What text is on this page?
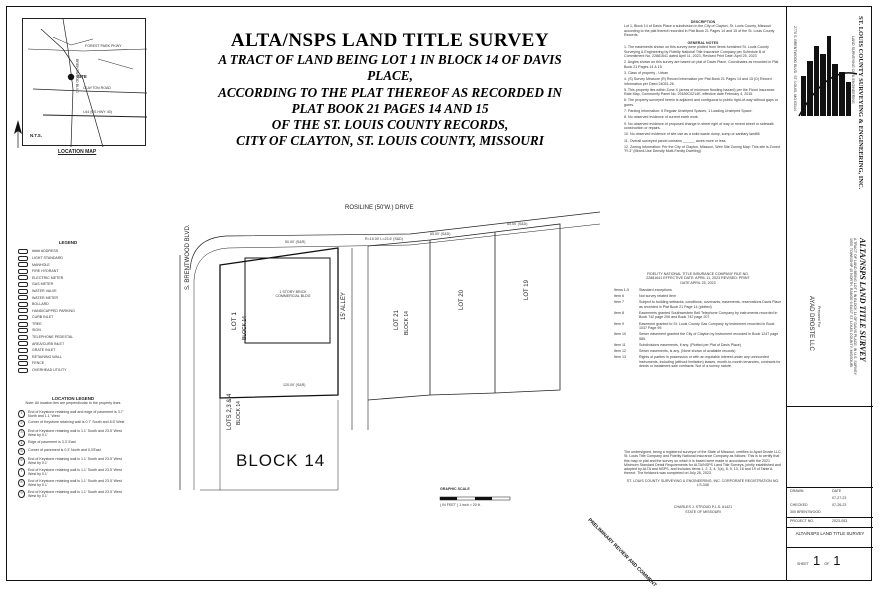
SITE
FOREST PARK PKWY
CLAYTON ROAD
I-64 (US HWY 40)
BRENTWOOD BLVD
N.T.S.
LOCATION MAP
ALTA/NSPS LAND TITLE SURVEY
A TRACT OF LAND BEING LOT 1 IN BLOCK 14 OF DAVIS PLACE,
ACCORDING TO THE PLAT THEREOF AS RECORDED IN
PLAT BOOK 21 PAGES 14 AND 15
OF THE ST. LOUIS COUNTY RECORDS,
CITY OF CLAYTON, ST. LOUIS COUNTY, MISSOURI
LEGEND
#### ADDRESS
LIGHT STANDARD
MANHOLE
FIRE HYDRANT
ELECTRIC METER
GAS METER
WATER VALVE
WATER METER
BOLLARD
HANDICAPPED PARKING
CURB INLET
TREE
SIGN
TELEPHONE PEDESTAL
AREA/CURB INLET
GRATE INLET
RETAINING WALL
FENCE
OVERHEAD UTILITY
LOCATION LEGEND
Note: All location ties are perpendicular to the property lines
1	End of Keystone retaining wall and edge of pavement is 3.7' North and 1.1' West
2	Corner of Keystone retaining wall is 0.7' South and 8.5' West
3	End of Keystone retaining wall is 1.1' South and 23.5' West West by 0.1'
4	Edge of pavement is 3.3' East
5	Corner of pavement is 0.3' North and 0.3'East
6	End of Keystone retaining wall is 1.1' South and 23.5' West West by 0.1'
7	End of Keystone retaining wall is 1.1' South and 23.5' West West by 0.1'
8	End of Keystone retaining wall is 1.1' South and 23.5' West West by 0.1'
9	End of Keystone retaining wall is 1.1' South and 23.5' West West by 0.1'
ROSILINE (50'W.) DRIVE
S. BRENTWOOD BLVD.
15' ALLEY
LOT 1 BLOCK 14	LOT 21 BLOCK 14
LOT 20
LOT 19
LOTS 2,3 & 4 BLOCK 14
1 STORY BRICK COMMERCIAL BLDG
BLOCK 14
120.00' (S&R)
50.00' (S&R)
65.00' (S&D)
60.00' (S&D)
R=15.00' L=23.6' (S&D)
GRAPHIC SCALE
( IN FEET ) 1 inch = 20 ft.
DESCRIPTION
Lot 1, Block 14 of Davis Place a subdivision in the City of Clayton, St. Louis County, Missouri according to the plat thereof recorded in Plat Book 21 Pages 14 and 15 of the St. Louis County Records.
GENERAL NOTES
1. The easements shown on this survey were plotted from items furnished St. Louis County Surveying & Engineering by Fidelity National Title Insurance Company per Schedule B of Commitment No. 22881641 dated April 11, 2023, Revised Print Date: April 25, 2023
2. Angles shown on this survey are based on plat of Davis Place. Coordinates as recorded in Plat Book 21 Pages 14 & 15
3. Class of property - Urban
4. (S) Survey Measure (R) Record information per Plat Book 21 Pages 14 and 15 (D) Record information per Deed 24051-26
5. This property lies within Zone X (areas of minimum flooding hazard) per the Flood Insurance Rate Map, Community Panel No. 29189C0214K, effective date February 4, 2015.
6. The property surveyed herein is adjacent and contiguous to public right-of-way without gaps or gores.
7. Parking Information: 6 Regular Unstriped Spaces, 1 Loading Unstriped Space.
8. No observed evidence of current earth work.
9. No observed evidence of proposed change in street right of way or recent street or sidewalk construction or repairs.
10. No observed evidence of site use as a solid waste dump, sump or sanitary landfill.
11. Overall surveyed parcel contains ______ acres more or less.
12. Zoning Information: Per the City of Clayton, Missouri, Web Site Zoning Map: This site is Zoned "R-3" (Mixed-Use Density Multi-Family Dwelling).
FIDELITY NATIONAL TITLE INSURANCE COMPANY FILE NO. 22881641 EFFECTIVE DATE: APRIL 11, 2023 REVISED: PRINT DATE APRIL 25, 2023
Items 1-5	Standard exceptions
Item 6	Not survey related item
Item 7	Subject to building setbacks, conditions, covenants, easements, reservations Davis Place as recorded in Plat Book 21 Page 14 (plotted)
Item 8	Easements granted Southwestern Bell Telephone Company by instruments recorded in Book 742 page 206 and Book 742 page 207.
Item 9	Easement granted to St. Louis County Gas Company by instrument recorded in Book 1037 Page 99.
Item 10	Sewer easement granted the City of Clayton by instrument recorded in Book 1247 page 585.
Item 11	Subdivisions easements, if any. (Plotted per Plat of Davis Place)
Item 12	Sewer easements, is any. (None shown of available records)
Item 13	Rights of parties in possession or with an equitable interest under any unrecorded instruments, including (without limitation) leases, month-to-month tenancies, contracts for deeds or instalment sale contracts. Not of a survey nature.
The undersigned, being a registered surveyor of the State of Missouri, certifies to Ayad Droste LLC, St. Louis Title Company and Fidelity National Insurance Company as follows: This is to certify that this map or plat and the survey on which it is based were made in accordance with the 2021 Minimum Standard Detail Requirements for ALTA/NSPS Land Title Surveys, jointly established and adopted by ALTA and NSPS, and includes items 1, 2, 3, 4, 7(a), 8, 9, 13, 16 and 19 of Table A thereof. The fieldwork was completed on July 26, 2023.
ST. LOUIS COUNTY SURVEYING & ENGINEERING, INC. CORPORATE REGISTRATION NO. LS-348
CHARLES J. STROUD P.L.S. #1421 STATE OF MISSOURI
PRELIMINARY REVIEW AND COMMENT
ST. LOUIS COUNTY SURVEYING & ENGINEERING, INC.
LAND SURVEYING CIVIL ENGINEERING
2770 S. BRENTWOOD BLVD. ST. LOUIS, MO 63144
ALTA/NSPS LAND TITLE SURVEY
A TRACT OF LAND BEING LOT 1 IN BLOCK 14 OF DAVIS PLACE, IN U.S. SURVEY 1955, TOWNSHIP 45 NORTH, RANGE 6 EAST ST. LOUIS COUNTY, MISSOURI
Prepared For
AYAD DROSTE LLC
DRAWN	DATE
07-27-23
CHECKED	07-26-23
300 BRENTWOOD
PROJECT NO.	2023-053
ALTA/NSPS LAND TITLE SURVEY
SHEET 1 OF 1
